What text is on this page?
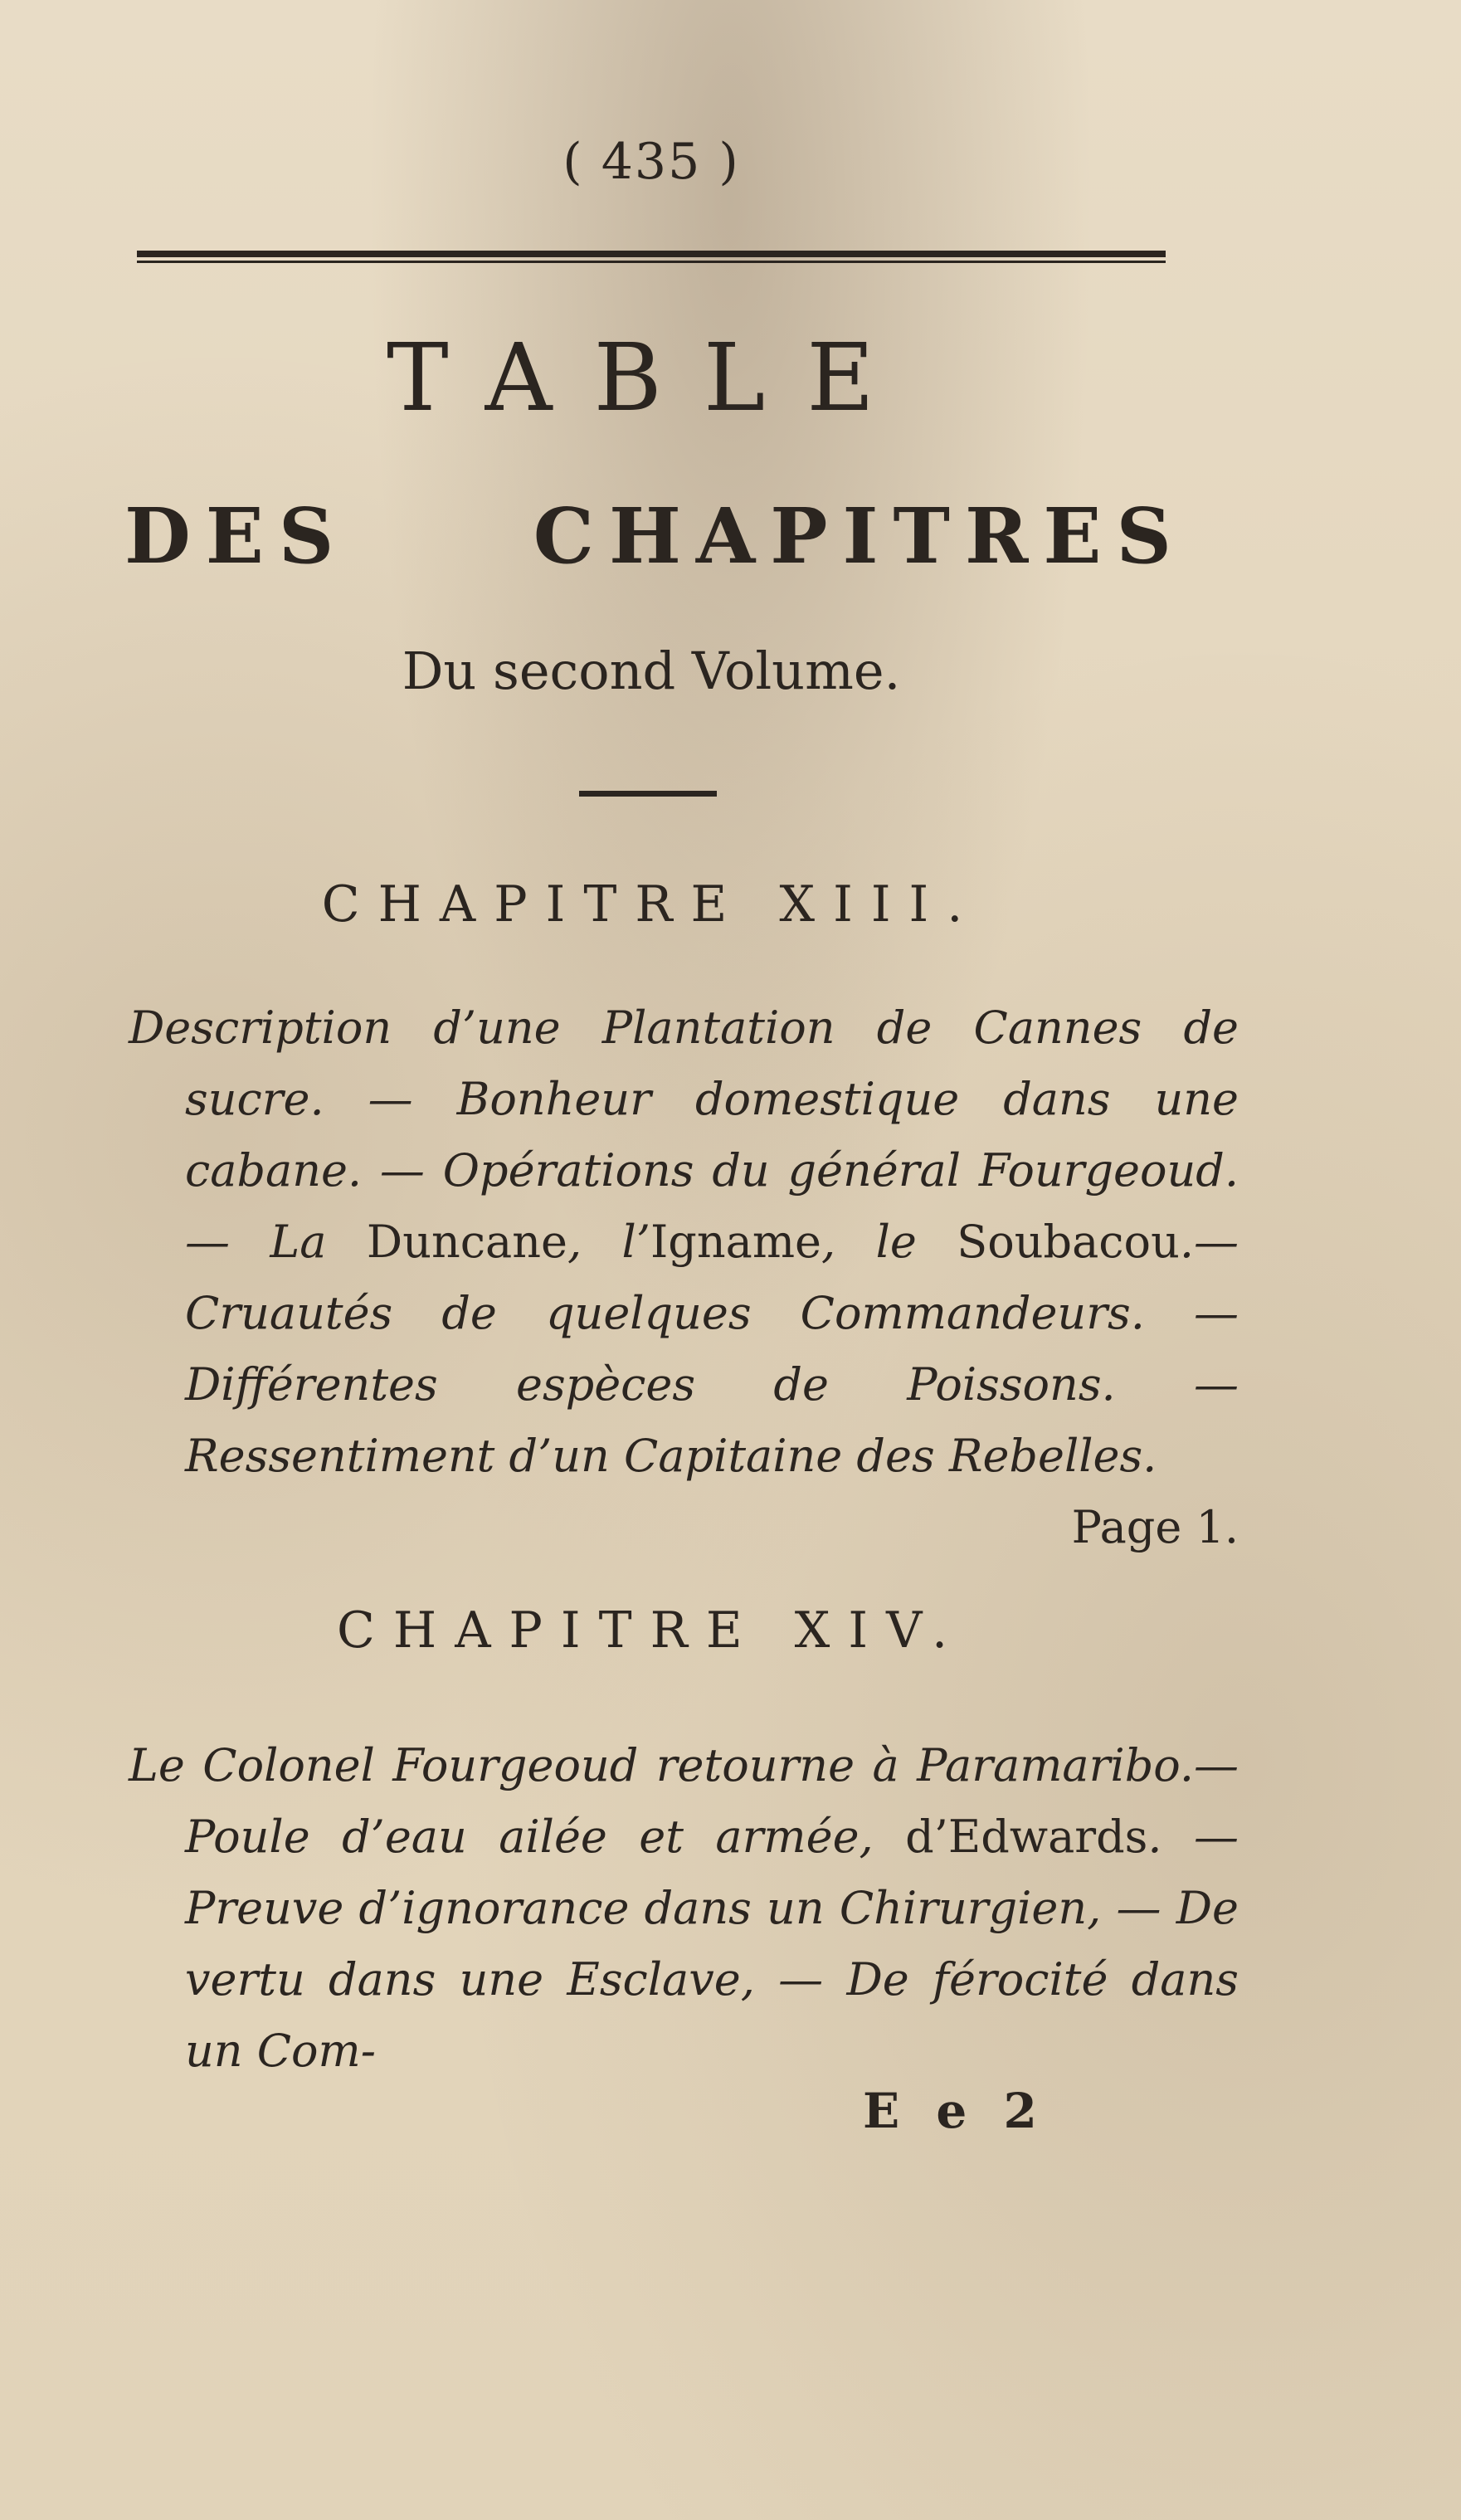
( 435 )
TABLE
DES CHAPITRES
Du second Volume.
CHAPITRE XIII.
Description d’une Plantation de Cannes de sucre. — Bonheur domestique dans une cabane. — Opérations du général Fourgeoud. — La Duncane, l’Igname, le Soubacou.— Cruautés de quelques Commandeurs. — Différentes espèces de Poissons. — Ressentiment d’un Capitaine des Rebelles.
Page 1.
CHAPITRE XIV.
Le Colonel Fourgeoud retourne à Paramaribo.— Poule d’eau ailée et armée, d’Edwards. — Preuve d’ignorance dans un Chirurgien, — De vertu dans une Esclave, — De férocité dans un Com-
E e 2
